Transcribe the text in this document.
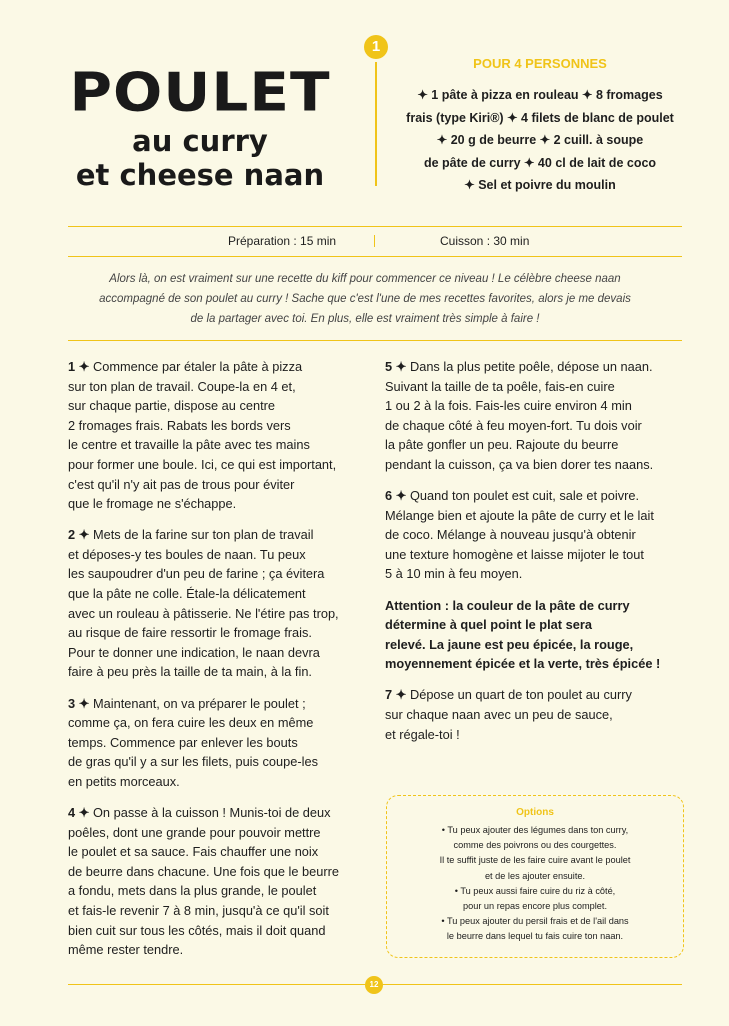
POULET
au curry
et cheese naan
1
POUR 4 PERSONNES
✦ 1 pâte à pizza en rouleau ✦ 8 fromages
frais (type Kiri®) ✦ 4 filets de blanc de poulet
✦ 20 g de beurre ✦ 2 cuill. à soupe
de pâte de curry ✦ 40 cl de lait de coco
✦ Sel et poivre du moulin
Préparation : 15 min	Cuisson : 30 min
Alors là, on est vraiment sur une recette du kiff pour commencer ce niveau ! Le célèbre cheese naan
accompagné de son poulet au curry ! Sache que c'est l'une de mes recettes favorites, alors je me devais
de la partager avec toi. En plus, elle est vraiment très simple à faire !

1 ✦ Commence par étaler la pâte à pizza
sur ton plan de travail. Coupe-la en 4 et,
sur chaque partie, dispose au centre
2 fromages frais. Rabats les bords vers
le centre et travaille la pâte avec tes mains
pour former une boule. Ici, ce qui est important,
c'est qu'il n'y ait pas de trous pour éviter
que le fromage ne s'échappe.

2 ✦ Mets de la farine sur ton plan de travail
et déposes-y tes boules de naan. Tu peux
les saupoudrer d'un peu de farine ; ça évitera
que la pâte ne colle. Étale-la délicatement
avec un rouleau à pâtisserie. Ne l'étire pas trop,
au risque de faire ressortir le fromage frais.
Pour te donner une indication, le naan devra
faire à peu près la taille de ta main, à la fin.

3 ✦ Maintenant, on va préparer le poulet ;
comme ça, on fera cuire les deux en même
temps. Commence par enlever les bouts
de gras qu'il y a sur les filets, puis coupe-les
en petits morceaux.

4 ✦ On passe à la cuisson ! Munis-toi de deux
poêles, dont une grande pour pouvoir mettre
le poulet et sa sauce. Fais chauffer une noix
de beurre dans chacune. Une fois que le beurre
a fondu, mets dans la plus grande, le poulet
et fais-le revenir 7 à 8 min, jusqu'à ce qu'il soit
bien cuit sur tous les côtés, mais il doit quand
même rester tendre.

5 ✦ Dans la plus petite poêle, dépose un naan.
Suivant la taille de ta poêle, fais-en cuire
1 ou 2 à la fois. Fais-les cuire environ 4 min
de chaque côté à feu moyen-fort. Tu dois voir
la pâte gonfler un peu. Rajoute du beurre
pendant la cuisson, ça va bien dorer tes naans.

6 ✦ Quand ton poulet est cuit, sale et poivre.
Mélange bien et ajoute la pâte de curry et le lait
de coco. Mélange à nouveau jusqu'à obtenir
une texture homogène et laisse mijoter le tout
5 à 10 min à feu moyen.

Attention : la couleur de la pâte de curry
détermine à quel point le plat sera
relevé. La jaune est peu épicée, la rouge,
moyennement épicée et la verte, très épicée !

7 ✦ Dépose un quart de ton poulet au curry
sur chaque naan avec un peu de sauce,
et régale-toi !

Options
• Tu peux ajouter des légumes dans ton curry,
comme des poivrons ou des courgettes.
Il te suffit juste de les faire cuire avant le poulet
et de les ajouter ensuite.
• Tu peux aussi faire cuire du riz à côté,
pour un repas encore plus complet.
• Tu peux ajouter du persil frais et de l'ail dans
le beurre dans lequel tu fais cuire ton naan.
12
